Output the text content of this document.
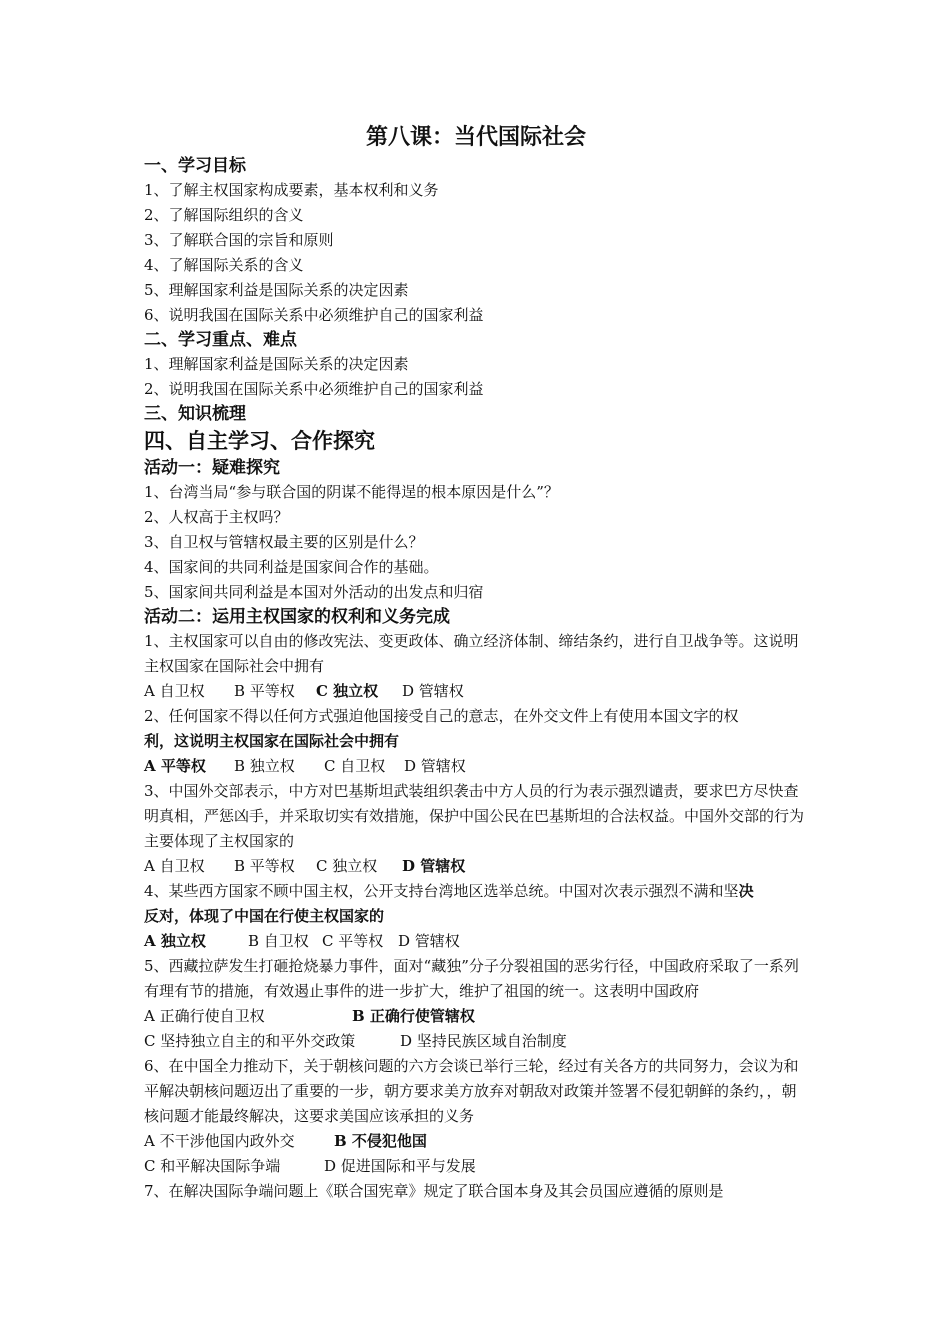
第八课：当代国际社会
一、学习目标
1、了解主权国家构成要素，基本权利和义务
2、了解国际组织的含义
3、了解联合国的宗旨和原则
4、了解国际关系的含义
5、理解国家利益是国际关系的决定因素
6、说明我国在国际关系中必须维护自己的国家利益
二、学习重点、难点
1、理解国家利益是国际关系的决定因素
2、说明我国在国际关系中必须维护自己的国家利益
三、知识梳理
四、自主学习、合作探究
活动一：疑难探究
1、台湾当局“参与联合国的阴谋不能得逞的根本原因是什么”？
2、人权高于主权吗？
3、自卫权与管辖权最主要的区别是什么？
4、国家间的共同利益是国家间合作的基础。
5、国家间共同利益是本国对外活动的出发点和归宿
活动二：运用主权国家的权利和义务完成
1、主权国家可以自由的修改宪法、变更政体、确立经济体制、缔结条约，进行自卫战争等。这说明主权国家在国际社会中拥有
A 自卫权 B 平等权 C 独立权 D 管辖权
2、任何国家不得以任何方式强迫他国接受自己的意志，在外交文件上有使用本国文字的权
利，这说明主权国家在国际社会中拥有
A 平等权 B 独立权 C 自卫权 D 管辖权
3、中国外交部表示，中方对巴基斯坦武装组织袭击中方人员的行为表示强烈谴责，要求巴方尽快查明真相，严惩凶手，并采取切实有效措施，保护中国公民在巴基斯坦的合法权益。中国外交部的行为主要体现了主权国家的
A 自卫权 B 平等权 C 独立权 D 管辖权
4、某些西方国家不顾中国主权，公开支持台湾地区选举总统。中国对次表示强烈不满和坚决
反对，体现了中国在行使主权国家的
A 独立权	B 自卫权 C 平等权 D 管辖权
5、西藏拉萨发生打砸抢烧暴力事件，面对“藏独”分子分裂祖国的恶劣行径，中国政府采取了一系列有理有节的措施，有效遏止事件的进一步扩大，维护了祖国的统一。这表明中国政府
A 正确行使自卫权	B 正确行使管辖权
C 坚持独立自主的和平外交政策	D 坚持民族区域自治制度
6、在中国全力推动下，关于朝核问题的六方会谈已举行三轮，经过有关各方的共同努力，会议为和平解决朝核问题迈出了重要的一步，朝方要求美方放弃对朝敌对政策并签署不侵犯朝鲜的条约，，朝核问题才能最终解决，这要求美国应该承担的义务
A 不干涉他国内政外交	B 不侵犯他国
C 和平解决国际争端	D 促进国际和平与发展
7、在解决国际争端问题上《联合国宪章》规定了联合国本身及其会员国应遵循的原则是
